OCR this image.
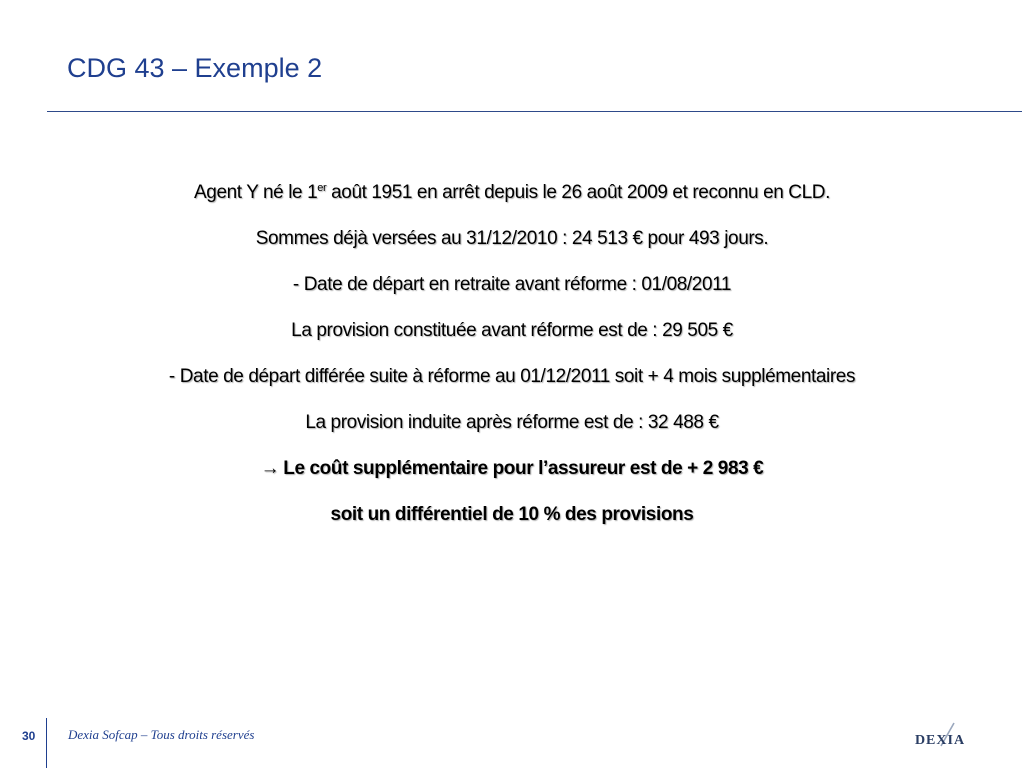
CDG 43 – Exemple 2
Agent Y né le 1er août 1951 en arrêt depuis le 26 août 2009 et reconnu en CLD.
Sommes déjà versées au 31/12/2010 : 24 513 € pour 493 jours.
- Date de départ en retraite avant réforme : 01/08/2011
La provision constituée avant réforme est de : 29 505 €
- Date de départ différée suite à réforme au 01/12/2011 soit + 4 mois supplémentaires
La provision induite après réforme est de : 32 488 €
→ Le coût supplémentaire pour l’assureur est de + 2 983 €
soit un différentiel de 10 % des provisions
30	Dexia Sofcap – Tous droits réservés	DEXIA
